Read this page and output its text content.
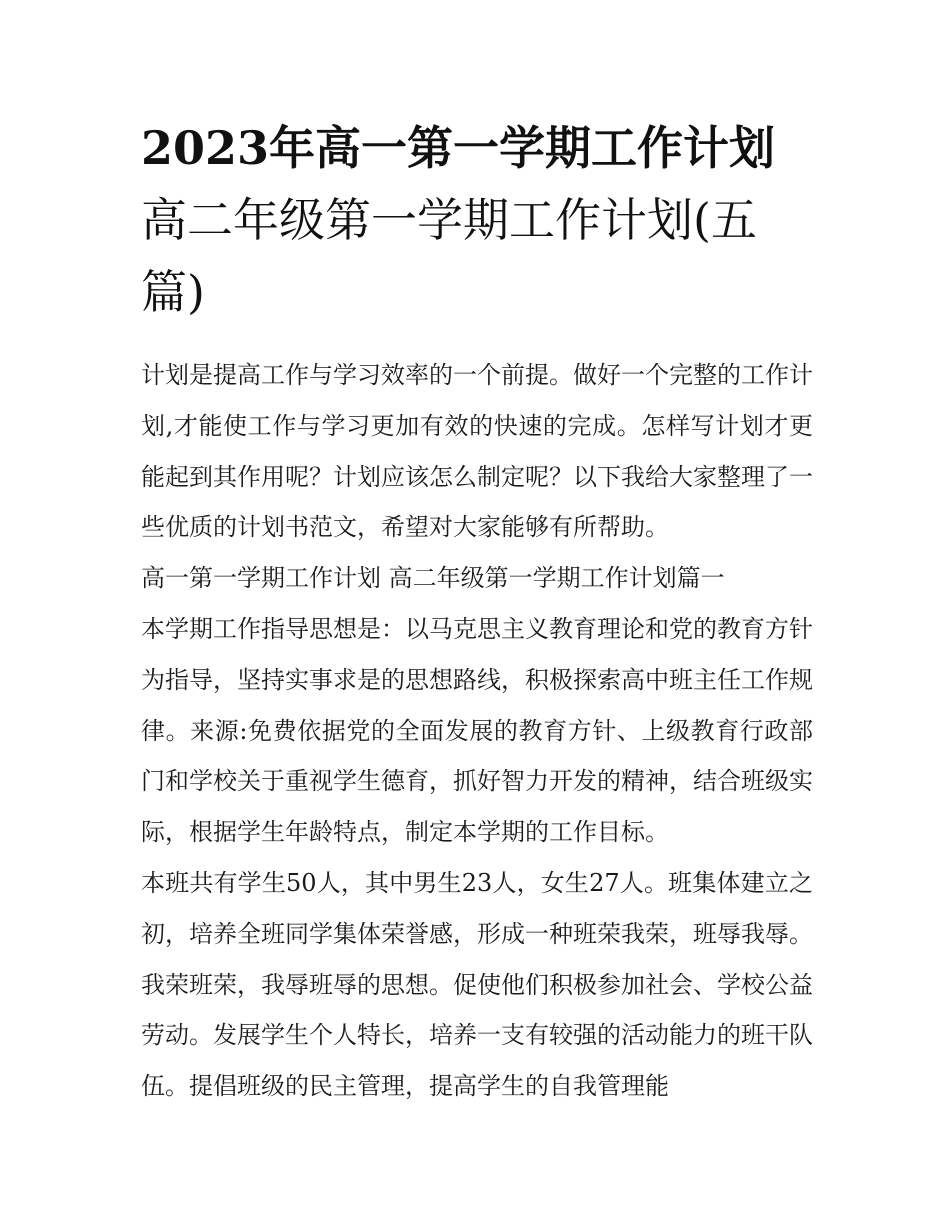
2023年高一第一学期工作计划高二年级第一学期工作计划(五篇)

计划是提高工作与学习效率的一个前提。做好一个完整的工作计划,才能使工作与学习更加有效的快速的完成。怎样写计划才更能起到其作用呢？计划应该怎么制定呢？以下我给大家整理了一些优质的计划书范文，希望对大家能够有所帮助。

高一第一学期工作计划 高二年级第一学期工作计划篇一

本学期工作指导思想是：以马克思主义教育理论和党的教育方针为指导，坚持实事求是的思想路线，积极探索高中班主任工作规律。来源:免费依据党的全面发展的教育方针、上级教育行政部门和学校关于重视学生德育，抓好智力开发的精神，结合班级实际，根据学生年龄特点，制定本学期的工作目标。

本班共有学生50人，其中男生23人，女生27人。班集体建立之初，培养全班同学集体荣誉感，形成一种班荣我荣，班辱我辱。我荣班荣，我辱班辱的思想。促使他们积极参加社会、学校公益劳动。发展学生个人特长，培养一支有较强的活动能力的班干队伍。提倡班级的民主管理，提高学生的自我管理能
